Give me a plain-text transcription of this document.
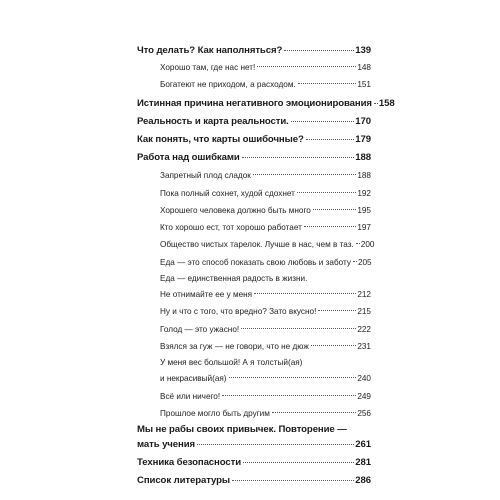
Что делать? Как наполняться?	139
Хорошо там, где нас нет!	148
Богатеют не приходом, а расходом.	151
Истинная причина негативного эмоционирования 158
Реальность и карта реальности.	170
Как понять, что карты ошибочные?	179
Работа над ошибками	188
Запретный плод сладок	188
Пока полный сохнет, худой сдохнет	192
Хорошего человека должно быть много	195
Кто хорошо ест, тот хорошо работает	197
Общество чистых тарелок. Лучше в нас, чем в таз. 200
Еда — это способ показать свою любовь и заботу 205
Еда — единственная радость в жизни.
Не отнимайте ее у меня	212
Ну и что с того, что вредно? Зато вкусно!	215
Голод — это ужасно!	222
Взялся за гуж — не говори, что не дюж	231
У меня вес большой! А я толстый(ая)
и некрасивый(ая)	240
Всё или ничего!	249
Прошлое могло быть другим	256
Мы не рабы своих привычек. Повторение —
мать учения	261
Техника безопасности	281
Список литературы	286
